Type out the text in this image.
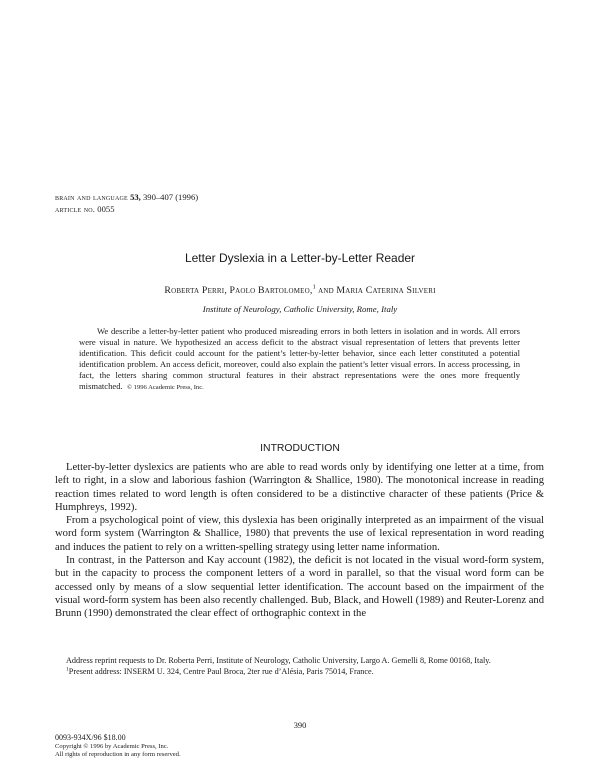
brain and language 53, 390–407 (1996)
article no. 0055
Letter Dyslexia in a Letter-by-Letter Reader
Roberta Perri, Paolo Bartolomeo,$^1$ and Maria Caterina Silveri
Institute of Neurology, Catholic University, Rome, Italy
We describe a letter-by-letter patient who produced misreading errors in both letters in isolation and in words. All errors were visual in nature. We hypothesized an access deficit to the abstract visual representation of letters that prevents letter identification. This deficit could account for the patient’s letter-by-letter behavior, since each letter constituted a potential identification problem. An access deficit, moreover, could also explain the patient’s letter visual errors. In access processing, in fact, the letters sharing common structural features in their abstract representations were the ones more frequently mismatched. © 1996 Academic Press, Inc.
INTRODUCTION

Letter-by-letter dyslexics are patients who are able to read words only by identifying one letter at a time, from left to right, in a slow and laborious fashion (Warrington & Shallice, 1980). The monotonical increase in reading reaction times related to word length is often considered to be a distinctive character of these patients (Price & Humphreys, 1992).

From a psychological point of view, this dyslexia has been originally interpreted as an impairment of the visual word form system (Warrington & Shallice, 1980) that prevents the use of lexical representation in word reading and induces the patient to rely on a written-spelling strategy using letter name information.

In contrast, in the Patterson and Kay account (1982), the deficit is not located in the visual word-form system, but in the capacity to process the component letters of a word in parallel, so that the visual word form can be accessed only by means of a slow sequential letter identification. The account based on the impairment of the visual word-form system has been also recently challenged. Bub, Black, and Howell (1989) and Reuter-Lorenz and Brunn (1990) demonstrated the clear effect of orthographic context in the

Address reprint requests to Dr. Roberta Perri, Institute of Neurology, Catholic University, Largo A. Gemelli 8, Rome 00168, Italy.

$^1$Present address: INSERM U. 324, Centre Paul Broca, 2ter rue d’Alésia, Paris 75014, France.

390
0093-934X/96 $18.00
Copyright © 1996 by Academic Press, Inc.
All rights of reproduction in any form reserved.
